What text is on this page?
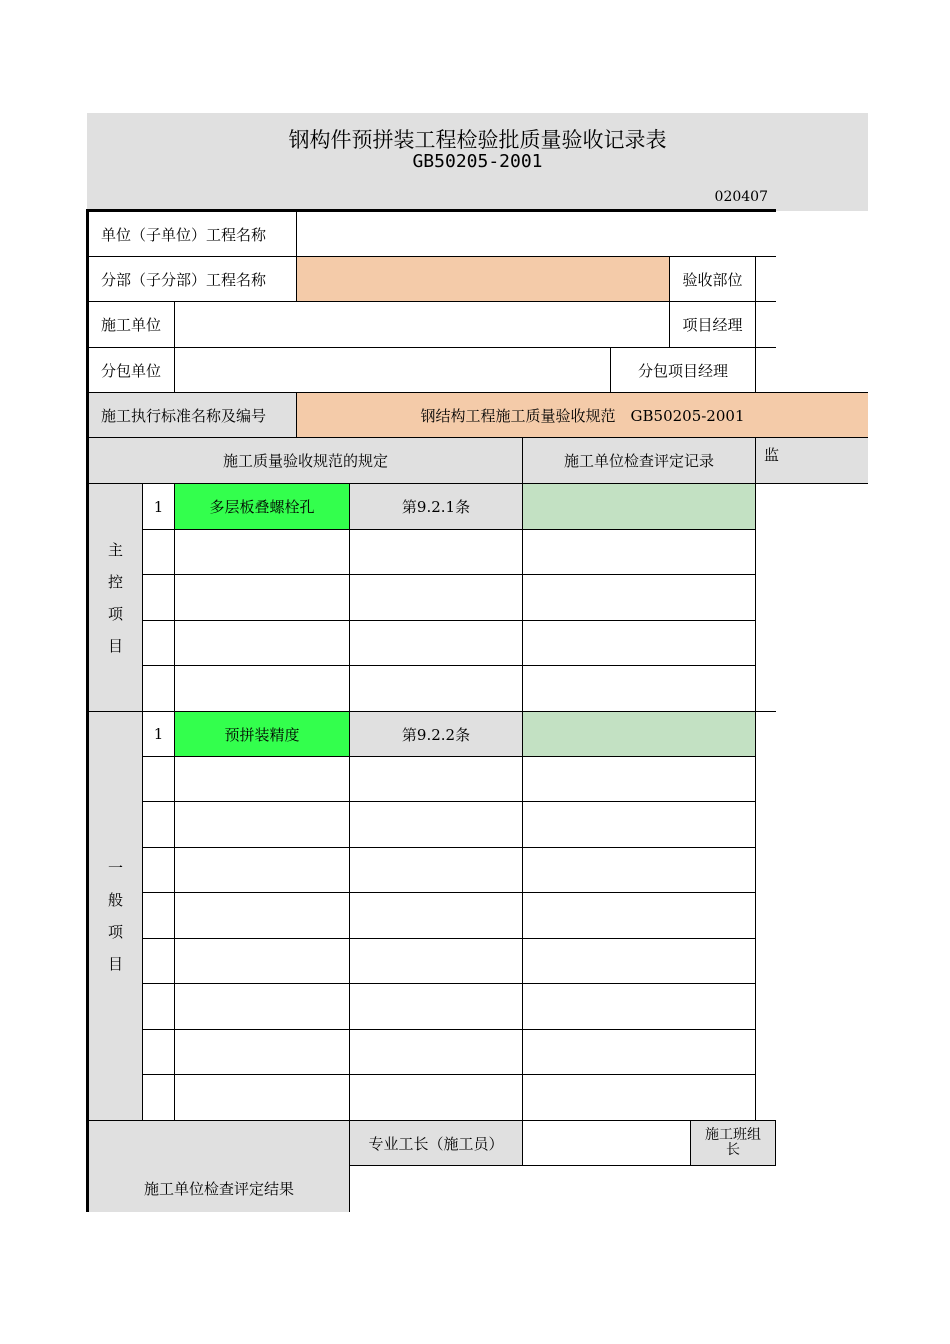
钢构件预拼装工程检验批质量验收记录表
GB50205-2001
020407
单位（子单位）工程名称
分部（子分部）工程名称	验收部位
施工单位	项目经理
分包单位	分包项目经理
施工执行标准名称及编号	钢结构工程施工质量验收规范　GB50205-2001
施工质量验收规范的规定	施工单位检查评定记录	监
主
控
项
目
1	多层板叠螺栓孔	第9.2.1条
一
般
项
目
1	预拼装精度	第9.2.2条
专业工长（施工员）	施工班组长
施工单位检查评定结果
